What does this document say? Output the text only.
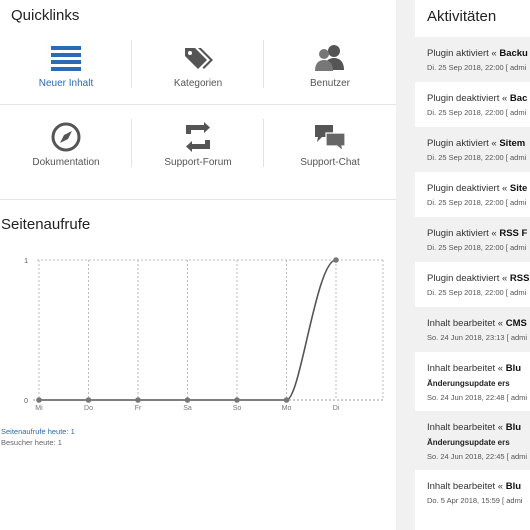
Quicklinks
Neuer Inhalt	Kategorien	Benutzer
Dokumentation	Support-Forum	Support-Chat
Seitenaufrufe
0
1
Mi	Do	Fr	Sa	So	Mo	Di
Seitenaufrufe heute: 1
Besucher heute: 1
Aktivitäten
Plugin aktiviert « Backu
Di. 25 Sep 2018, 22:00 [ admi
Plugin deaktiviert « Bac
Di. 25 Sep 2018, 22:00 [ admi
Plugin aktiviert « Sitem
Di. 25 Sep 2018, 22:00 [ admi
Plugin deaktiviert « Site
Di. 25 Sep 2018, 22:00 [ admi
Plugin aktiviert « RSS F
Di. 25 Sep 2018, 22:00 [ admi
Plugin deaktiviert « RSS
Di. 25 Sep 2018, 22:00 [ admi
Inhalt bearbeitet « CMS
So. 24 Jun 2018, 23:13 [ admi
Inhalt bearbeitet « Blu
Änderungsupdate ers
So. 24 Jun 2018, 22:48 [ admi
Inhalt bearbeitet « Blu
Änderungsupdate ers
So. 24 Jun 2018, 22:45 [ admi
Inhalt bearbeitet « Blu
Do. 5 Apr 2018, 15:59 [ admi
